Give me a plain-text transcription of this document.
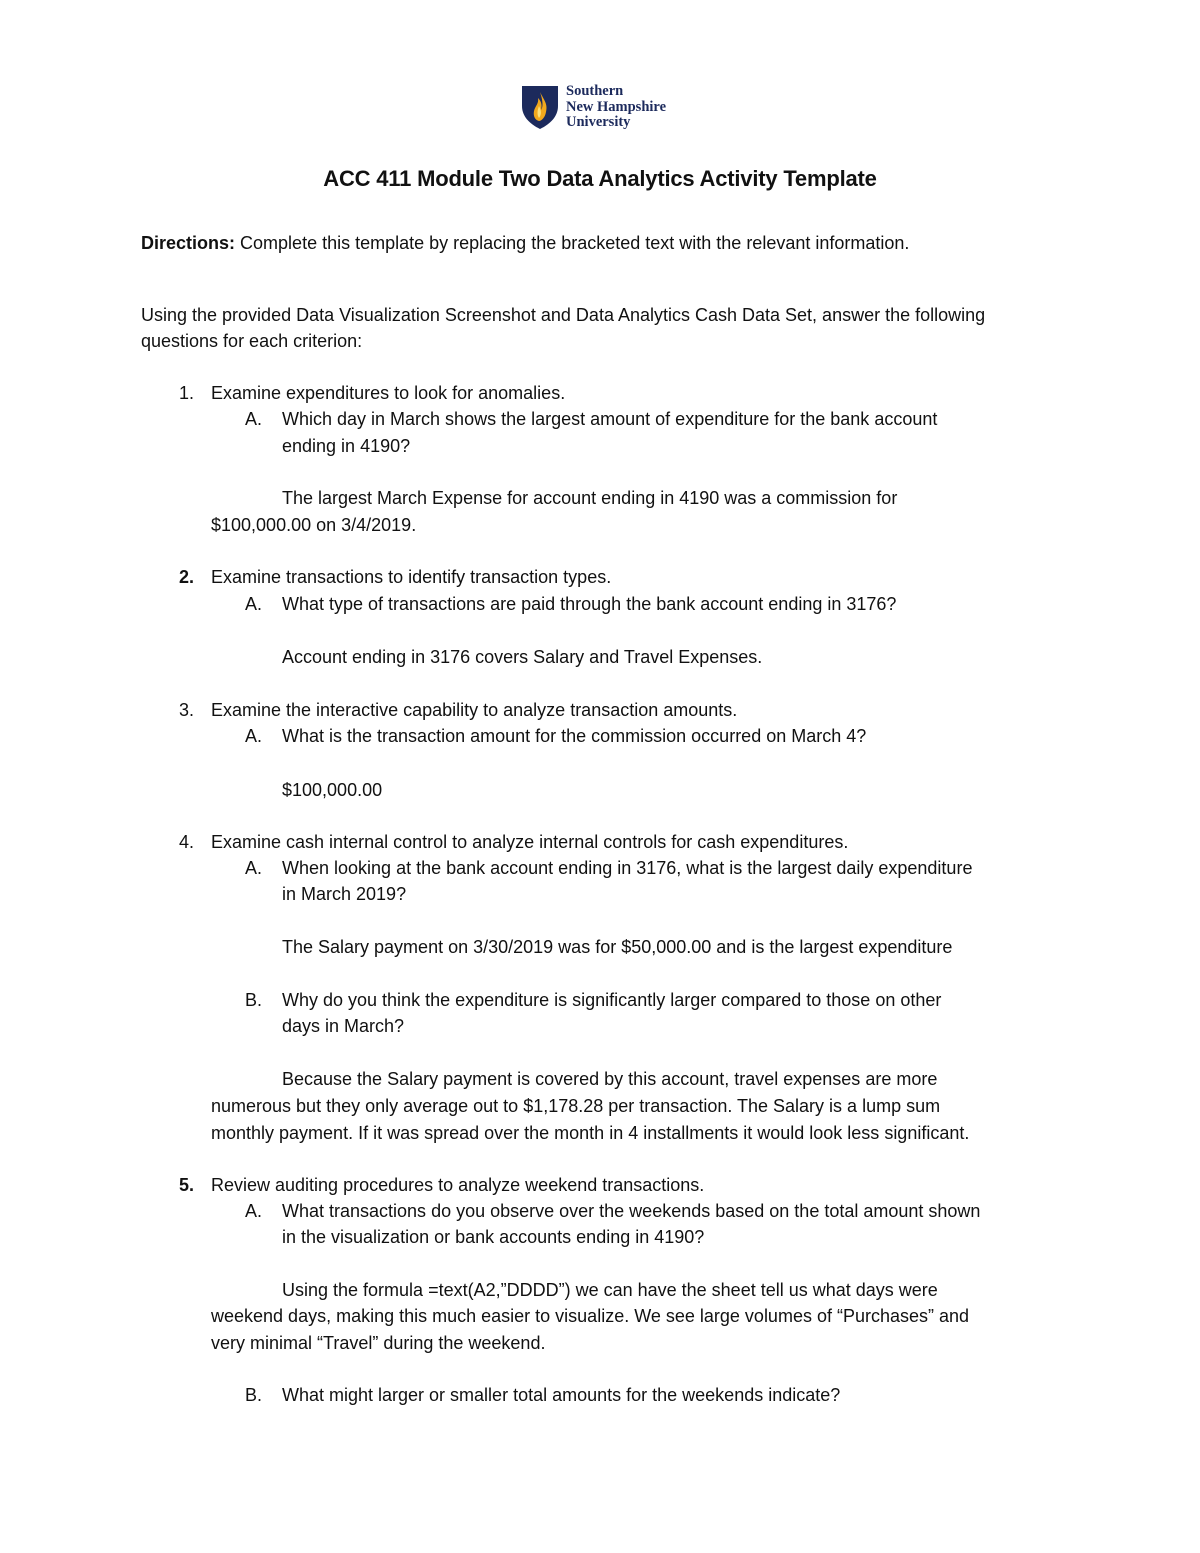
Southern
New Hampshire
University
ACC 411 Module Two Data Analytics Activity Template
Directions: Complete this template by replacing the bracketed text with the relevant information.
Using the provided Data Visualization Screenshot and Data Analytics Cash Data Set, answer the following
questions for each criterion:
1. Examine expenditures to look for anomalies.
A. Which day in March shows the largest amount of expenditure for the bank account
ending in 4190?
The largest March Expense for account ending in 4190 was a commission for
$100,000.00 on 3/4/2019.
2. Examine transactions to identify transaction types.
A. What type of transactions are paid through the bank account ending in 3176?
Account ending in 3176 covers Salary and Travel Expenses.
3. Examine the interactive capability to analyze transaction amounts.
A. What is the transaction amount for the commission occurred on March 4?
$100,000.00
4. Examine cash internal control to analyze internal controls for cash expenditures.
A. When looking at the bank account ending in 3176, what is the largest daily expenditure
in March 2019?
The Salary payment on 3/30/2019 was for $50,000.00 and is the largest expenditure
B. Why do you think the expenditure is significantly larger compared to those on other
days in March?
Because the Salary payment is covered by this account, travel expenses are more
numerous but they only average out to $1,178.28 per transaction. The Salary is a lump sum
monthly payment. If it was spread over the month in 4 installments it would look less significant.
5. Review auditing procedures to analyze weekend transactions.
A. What transactions do you observe over the weekends based on the total amount shown
in the visualization or bank accounts ending in 4190?
Using the formula =text(A2,”DDDD”) we can have the sheet tell us what days were
weekend days, making this much easier to visualize. We see large volumes of “Purchases” and
very minimal “Travel” during the weekend.
B. What might larger or smaller total amounts for the weekends indicate?
